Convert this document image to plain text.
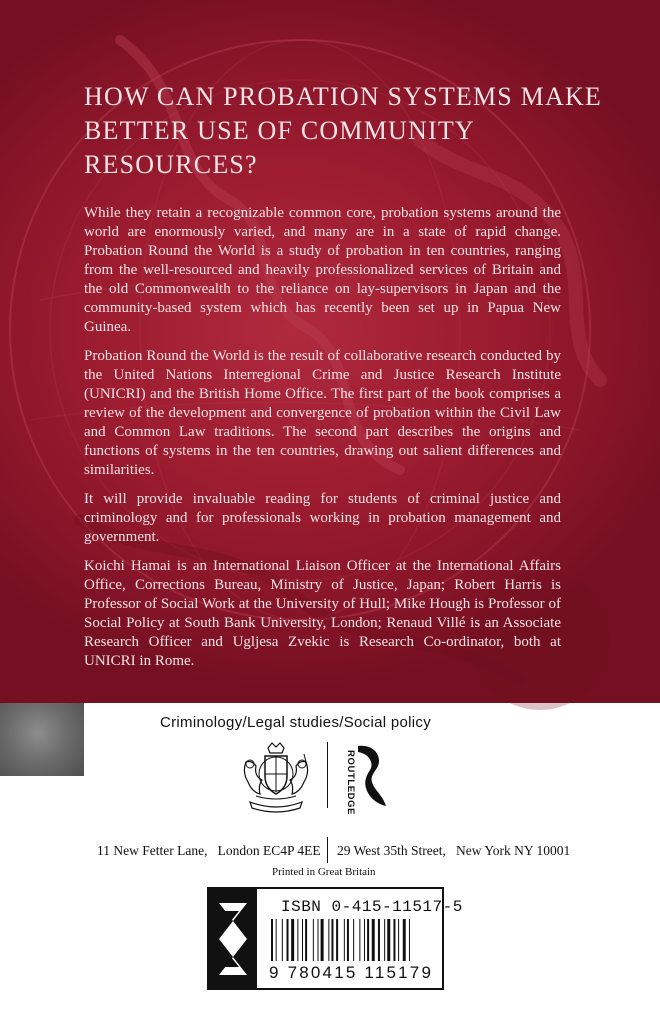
HOW CAN PROBATION SYSTEMS MAKE BETTER USE OF COMMUNITY RESOURCES?

While they retain a recognizable common core, probation systems around the world are enormously varied, and many are in a state of rapid change. Probation Round the World is a study of probation in ten countries, ranging from the well-resourced and heavily professionalized services of Britain and the old Commonwealth to the reliance on lay-supervisors in Japan and the community-based system which has recently been set up in Papua New Guinea.

Probation Round the World is the result of collaborative research conducted by the United Nations Interregional Crime and Justice Research Institute (UNICRI) and the British Home Office. The first part of the book comprises a review of the development and convergence of probation within the Civil Law and Common Law traditions. The second part describes the origins and functions of systems in the ten countries, drawing out salient differences and similarities.

It will provide invaluable reading for students of criminal justice and criminology and for professionals working in probation management and government.

Koichi Hamai is an International Liaison Officer at the International Affairs Office, Corrections Bureau, Ministry of Justice, Japan; Robert Harris is Professor of Social Work at the University of Hull; Mike Hough is Professor of Social Policy at South Bank University, London; Renaud Villé is an Associate Research Officer and Ugljesa Zvekic is Research Co-ordinator, both at UNICRI in Rome.

Criminology/Legal studies/Social policy
ROUTLEDGE
11 New Fetter Lane,   London EC4P 4EE 29 West 35th Street,   New York NY 10001
Printed in Great Britain
ISBN 0-415-11517-5
9 780415 115179
